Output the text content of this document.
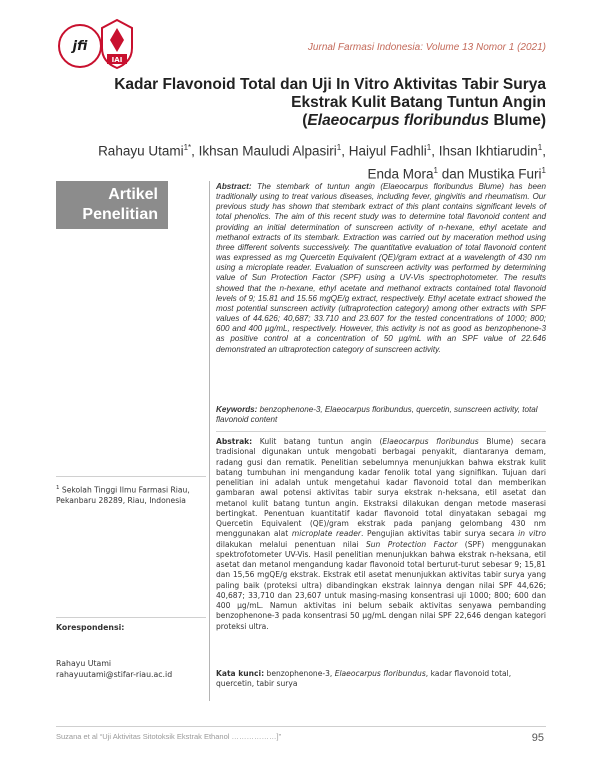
jfi
IAI
Jurnal Farmasi Indonesia: Volume 13 Nomor 1 (2021)
Kadar Flavonoid Total dan Uji In Vitro Aktivitas Tabir Surya
Ekstrak Kulit Batang Tuntun Angin
(Elaeocarpus floribundus Blume)
Rahayu Utami$^{1*}$, Ikhsan Mauludi Alpasiri$^1$, Haiyul Fadhli$^1$, Ihsan Ikhtiarudin$^1$,
Enda Mora$^1$ dan Mustika Furi$^1$
Artikel
Penelitian
Abstract: The stembark of tuntun angin (Elaeocarpus floribundus Blume) has been traditionally using to treat various diseases, including fever, gingivitis and rheumatism. Our previous study has shown that stembark extract of this plant contains significant levels of total phenolics. The aim of this recent study was to determine total flavonoid content and providing an initial determination of sunscreen activity of n-hexane, ethyl acetate and methanol extracts of its stembark. Extraction was carried out by maceration method using three different solvents successively. The quantitative evaluation of total flavonoid content was expressed as mg Quercetin Equivalent (QE)/gram extract at a wavelength of 430 nm using a microplate reader. Evaluation of sunscreen activity was performed by determining value of Sun Protection Factor (SPF) using a UV-Vis spectrophotometer. The results showed that the n-hexane, ethyl acetate and methanol extracts contained total flavonoid levels of 9; 15.81 and 15.56 mgQE/g extract, respectively. Ethyl acetate extract showed the most potential sunscreen activity (ultraprotection category) among other extracts with SPF values of 44.626; 40,687; 33.710 and 23.607 for the tested concentrations of 1000; 800; 600 and 400 µg/mL, respectively. However, this activity is not as good as benzophenone-3 as positive control at a concentration of 50 µg/mL with an SPF value of 22.646 demonstrated an ultraprotection category of sunscreen activity.
Keywords: benzophenone-3, Elaeocarpus floribundus, quercetin, sunscreen activity, total flavonoid content
Abstrak: Kulit batang tuntun angin (Elaeocarpus floribundus Blume) secara tradisional digunakan untuk mengobati berbagai penyakit, diantaranya demam, radang gusi dan rematik. Penelitian sebelumnya menunjukkan bahwa ekstrak kulit batang tumbuhan ini mengandung kadar fenolik total yang signifikan. Tujuan dari penelitian ini adalah untuk mengetahui kadar flavonoid total dan memberikan gambaran awal potensi aktivitas tabir surya ekstrak n-heksana, etil asetat dan metanol kulit batang tuntun angin. Ekstraksi dilakukan dengan metode maserasi bertingkat. Penentuan kuantitatif kadar flavonoid total dinyatakan sebagai mg Quercetin Equivalent (QE)/gram ekstrak pada panjang gelombang 430 nm menggunakan alat microplate reader. Pengujian aktivitas tabir surya secara in vitro dilakukan melalui penentuan nilai Sun Protection Factor (SPF) menggunakan spektrofotometer UV-Vis. Hasil penelitian menunjukkan bahwa ekstrak n-heksana, etil asetat dan metanol mengandung kadar flavonoid total berturut-turut sebesar 9; 15,81 dan 15,56 mgQE/g ekstrak. Ekstrak etil asetat menunjukkan aktivitas tabir surya yang paling baik (proteksi ultra) dibandingkan ekstrak lainnya dengan nilai SPF 44,626; 40,687; 33,710 dan 23,607 untuk masing-masing konsentrasi uji 1000; 800; 600 dan 400 µg/mL. Namun aktivitas ini belum sebaik aktivitas senyawa pembanding benzophenone-3 pada konsentrasi 50 µg/mL dengan nilai SPF 22,646 dengan kategori proteksi ultra.
Kata kunci: benzophenone-3, Elaeocarpus floribundus, kadar flavonoid total, quercetin, tabir surya
$^1$ Sekolah Tinggi Ilmu Farmasi Riau, Pekanbaru 28289, Riau, Indonesia
Korespondensi:
Rahayu Utami
rahayuutami@stifar-riau.ac.id
Suzana et al “Uji Aktivitas Sitotoksik Ekstrak Ethanol ………………]”	95
